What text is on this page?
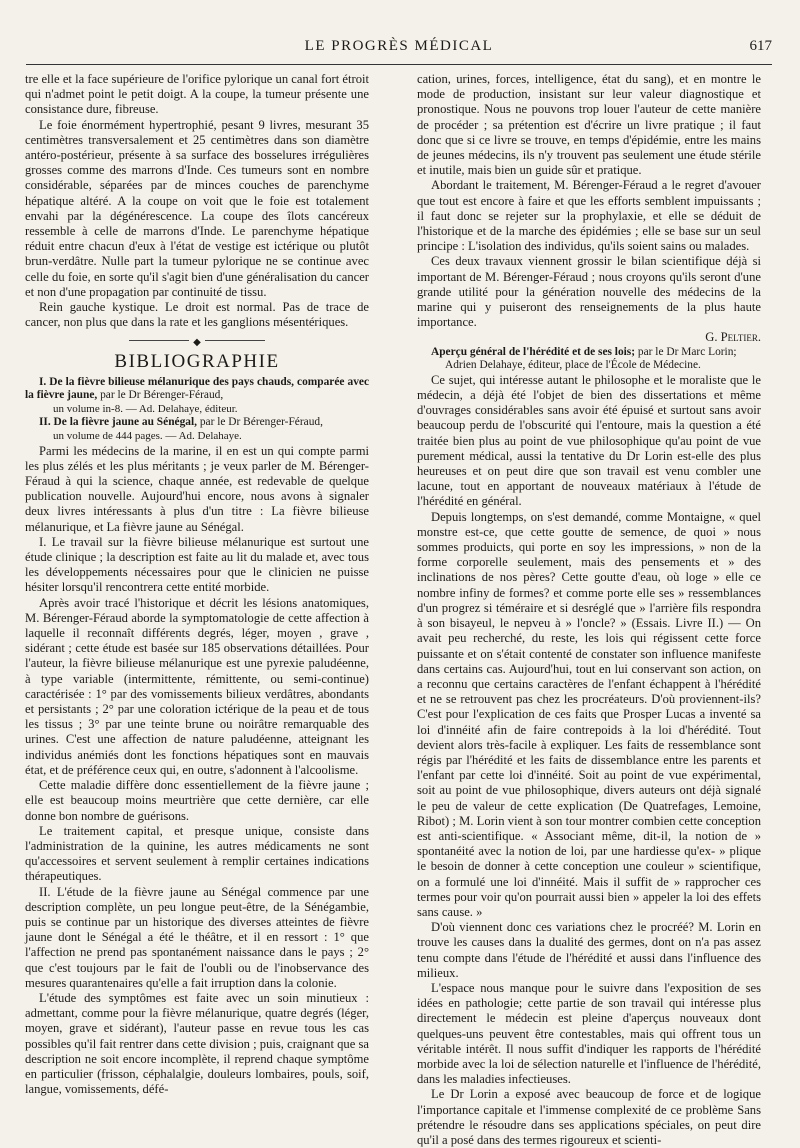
LE PROGRÈS MÉDICAL	617

tre elle et la face supérieure de l'orifice pylorique un canal fort étroit qui n'admet point le petit doigt. A la coupe, la tumeur présente une consistance dure, fibreuse.

Le foie énormément hypertrophié, pesant 9 livres, mesurant 35 centimètres transversalement et 25 centimètres dans son diamètre antéro-postérieur, présente à sa surface des bosselures irrégulières grosses comme des marrons d'Inde. Ces tumeurs sont en nombre considérable, séparées par de minces couches de parenchyme hépatique altéré. A la coupe on voit que le foie est totalement envahi par la dégénérescence. La coupe des îlots cancéreux ressemble à celle de marrons d'Inde. Le parenchyme hépatique réduit entre chacun d'eux à l'état de vestige est ictérique ou plutôt brun-verdâtre. Nulle part la tumeur pylorique ne se continue avec celle du foie, en sorte qu'il s'agit bien d'une généralisation du cancer et non d'une propagation par continuité de tissu.

Rein gauche kystique. Le droit est normal. Pas de trace de cancer, non plus que dans la rate et les ganglions mésentériques.

◆
BIBLIOGRAPHIE

I. De la fièvre bilieuse mélanurique des pays chauds, comparée avec la fièvre jaune, par le Dr Bérenger-Féraud,
un volume in-8. — Ad. Delahaye, éditeur.

II. De la fièvre jaune au Sénégal, par le Dr Bérenger-Féraud,
un volume de 444 pages. — Ad. Delahaye.

Parmi les médecins de la marine, il en est un qui compte parmi les plus zélés et les plus méritants ; je veux parler de M. Bérenger-Féraud à qui la science, chaque année, est redevable de quelque publication nouvelle. Aujourd'hui encore, nous avons à signaler deux livres intéressants à plus d'un titre : La fièvre bilieuse mélanurique, et La fièvre jaune au Sénégal.

I. Le travail sur la fièvre bilieuse mélanurique est surtout une étude clinique ; la description est faite au lit du malade et, avec tous les développements nécessaires pour que le clinicien ne puisse hésiter lorsqu'il rencontrera cette entité morbide.

Après avoir tracé l'historique et décrit les lésions anatomiques, M. Bérenger-Féraud aborde la symptomatologie de cette affection à laquelle il reconnaît différents degrés, léger, moyen , grave , sidérant ; cette étude est basée sur 185 observations détaillées. Pour l'auteur, la fièvre bilieuse mélanurique est une pyrexie paludéenne, à type variable (intermittente, rémittente, ou semi-continue) caractérisée : 1° par des vomissements bilieux verdâtres, abondants et persistants ; 2° par une coloration ictérique de la peau et de tous les tissus ; 3° par une teinte brune ou noirâtre remarquable des urines. C'est une affection de nature paludéenne, atteignant les individus anémiés dont les fonctions hépatiques sont en mauvais état, et de préférence ceux qui, en outre, s'adonnent à l'alcoolisme.

Cette maladie diffère donc essentiellement de la fièvre jaune ; elle est beaucoup moins meurtrière que cette dernière, car elle donne bon nombre de guérisons.

Le traitement capital, et presque unique, consiste dans l'administration de la quinine, les autres médicaments ne sont qu'accessoires et servent seulement à remplir certaines indications thérapeutiques.

II. L'étude de la fièvre jaune au Sénégal commence par une description complète, un peu longue peut-être, de la Sénégambie, puis se continue par un historique des diverses atteintes de fièvre jaune dont le Sénégal a été le théâtre, et il en ressort : 1° que l'affection ne prend pas spontanément naissance dans le pays ; 2° que c'est toujours par le fait de l'oubli ou de l'inobservance des mesures quarantenaires qu'elle a fait irruption dans la colonie.

L'étude des symptômes est faite avec un soin minutieux : admettant, comme pour la fièvre mélanurique, quatre degrés (léger, moyen, grave et sidérant), l'auteur passe en revue tous les cas possibles qu'il fait rentrer dans cette division ; puis, craignant que sa description ne soit encore incomplète, il reprend chaque symptôme en particulier (frisson, céphalalgie, douleurs lombaires, pouls, soif, langue, vomissements, défé-

cation, urines, forces, intelligence, état du sang), et en montre le mode de production, insistant sur leur valeur diagnostique et pronostique. Nous ne pouvons trop louer l'auteur de cette manière de procéder ; sa prétention est d'écrire un livre pratique ; il faut donc que si ce livre se trouve, en temps d'épidémie, entre les mains de jeunes médecins, ils n'y trouvent pas seulement une étude stérile et inutile, mais bien un guide sûr et pratique.

Abordant le traitement, M. Bérenger-Féraud a le regret d'avouer que tout est encore à faire et que les efforts semblent impuissants ; il faut donc se rejeter sur la prophylaxie, et elle se déduit de l'historique et de la marche des épidémies ; elle se base sur un seul principe : L'isolation des individus, qu'ils soient sains ou malades.

Ces deux travaux viennent grossir le bilan scientifique déjà si important de M. Bérenger-Féraud ; nous croyons qu'ils seront d'une grande utilité pour la génération nouvelle des médecins de la marine qui y puiseront des renseignements de la plus haute importance.

G. Peltier.

Aperçu général de l'hérédité et de ses lois; par le Dr Marc Lorin;
Adrien Delahaye, éditeur, place de l'École de Médecine.

Ce sujet, qui intéresse autant le philosophe et le moraliste que le médecin, a déjà été l'objet de bien des dissertations et même d'ouvrages considérables sans avoir été épuisé et surtout sans avoir beaucoup perdu de l'obscurité qui l'entoure, mais la question a été traitée bien plus au point de vue philosophique qu'au point de vue purement médical, aussi la tentative du Dr Lorin est-elle des plus heureuses et on peut dire que son travail est venu combler une lacune, tout en apportant de nouveaux matériaux à l'étude de l'hérédité en général.

Depuis longtemps, on s'est demandé, comme Montaigne, « quel monstre est-ce, que cette goutte de semence, de quoi » nous sommes produicts, qui porte en soy les impressions, » non de la forme corporelle seulement, mais des pensements et » des inclinations de nos pères? Cette goutte d'eau, où loge » elle ce nombre infiny de formes? et comme porte elle ses » ressemblances d'un progrez si téméraire et si desréglé que » l'arrière fils respondra à son bisayeul, le nepveu à » l'oncle? » (Essais. Livre II.) — On avait peu recherché, du reste, les lois qui régissent cette force puissante et on s'était contenté de constater son influence manifeste dans certains cas. Aujourd'hui, tout en lui conservant son action, on a reconnu que certains caractères de l'enfant échappent à l'hérédité et ne se retrouvent pas chez les procréateurs. D'où proviennent-ils? C'est pour l'explication de ces faits que Prosper Lucas a inventé sa loi d'innéité afin de faire contrepoids à la loi d'hérédité. Tout devient alors très-facile à expliquer. Les faits de ressemblance sont régis par l'hérédité et les faits de dissemblance entre les parents et l'enfant par cette loi d'innéité. Soit au point de vue expérimental, soit au point de vue philosophique, divers auteurs ont déjà signalé le peu de valeur de cette explication (De Quatrefages, Lemoine, Ribot) ; M. Lorin vient à son tour montrer combien cette conception est anti-scientifique. « Associant même, dit-il, la notion de » spontanéité avec la notion de loi, par une hardiesse qu'ex- » plique le besoin de donner à cette conception une couleur » scientifique, on a formulé une loi d'innéité. Mais il suffit de » rapprocher ces termes pour voir qu'on pourrait aussi bien » appeler la loi des effets sans cause. »

D'où viennent donc ces variations chez le procréé? M. Lorin en trouve les causes dans la dualité des germes, dont on n'a pas assez tenu compte dans l'étude de l'hérédité et aussi dans l'influence des milieux.

L'espace nous manque pour le suivre dans l'exposition de ses idées en pathologie; cette partie de son travail qui intéresse plus directement le médecin est pleine d'aperçus nouveaux dont quelques-uns peuvent être contestables, mais qui offrent tous un véritable intérêt. Il nous suffit d'indiquer les rapports de l'hérédité morbide avec la loi de sélection naturelle et l'influence de l'hérédité, dans les maladies infectieuses.

Le Dr Lorin a exposé avec beaucoup de force et de logique l'importance capitale et l'immense complexité de ce problème Sans prétendre le résoudre dans ses applications spéciales, on peut dire qu'il a posé dans des termes rigoureux et scienti-
